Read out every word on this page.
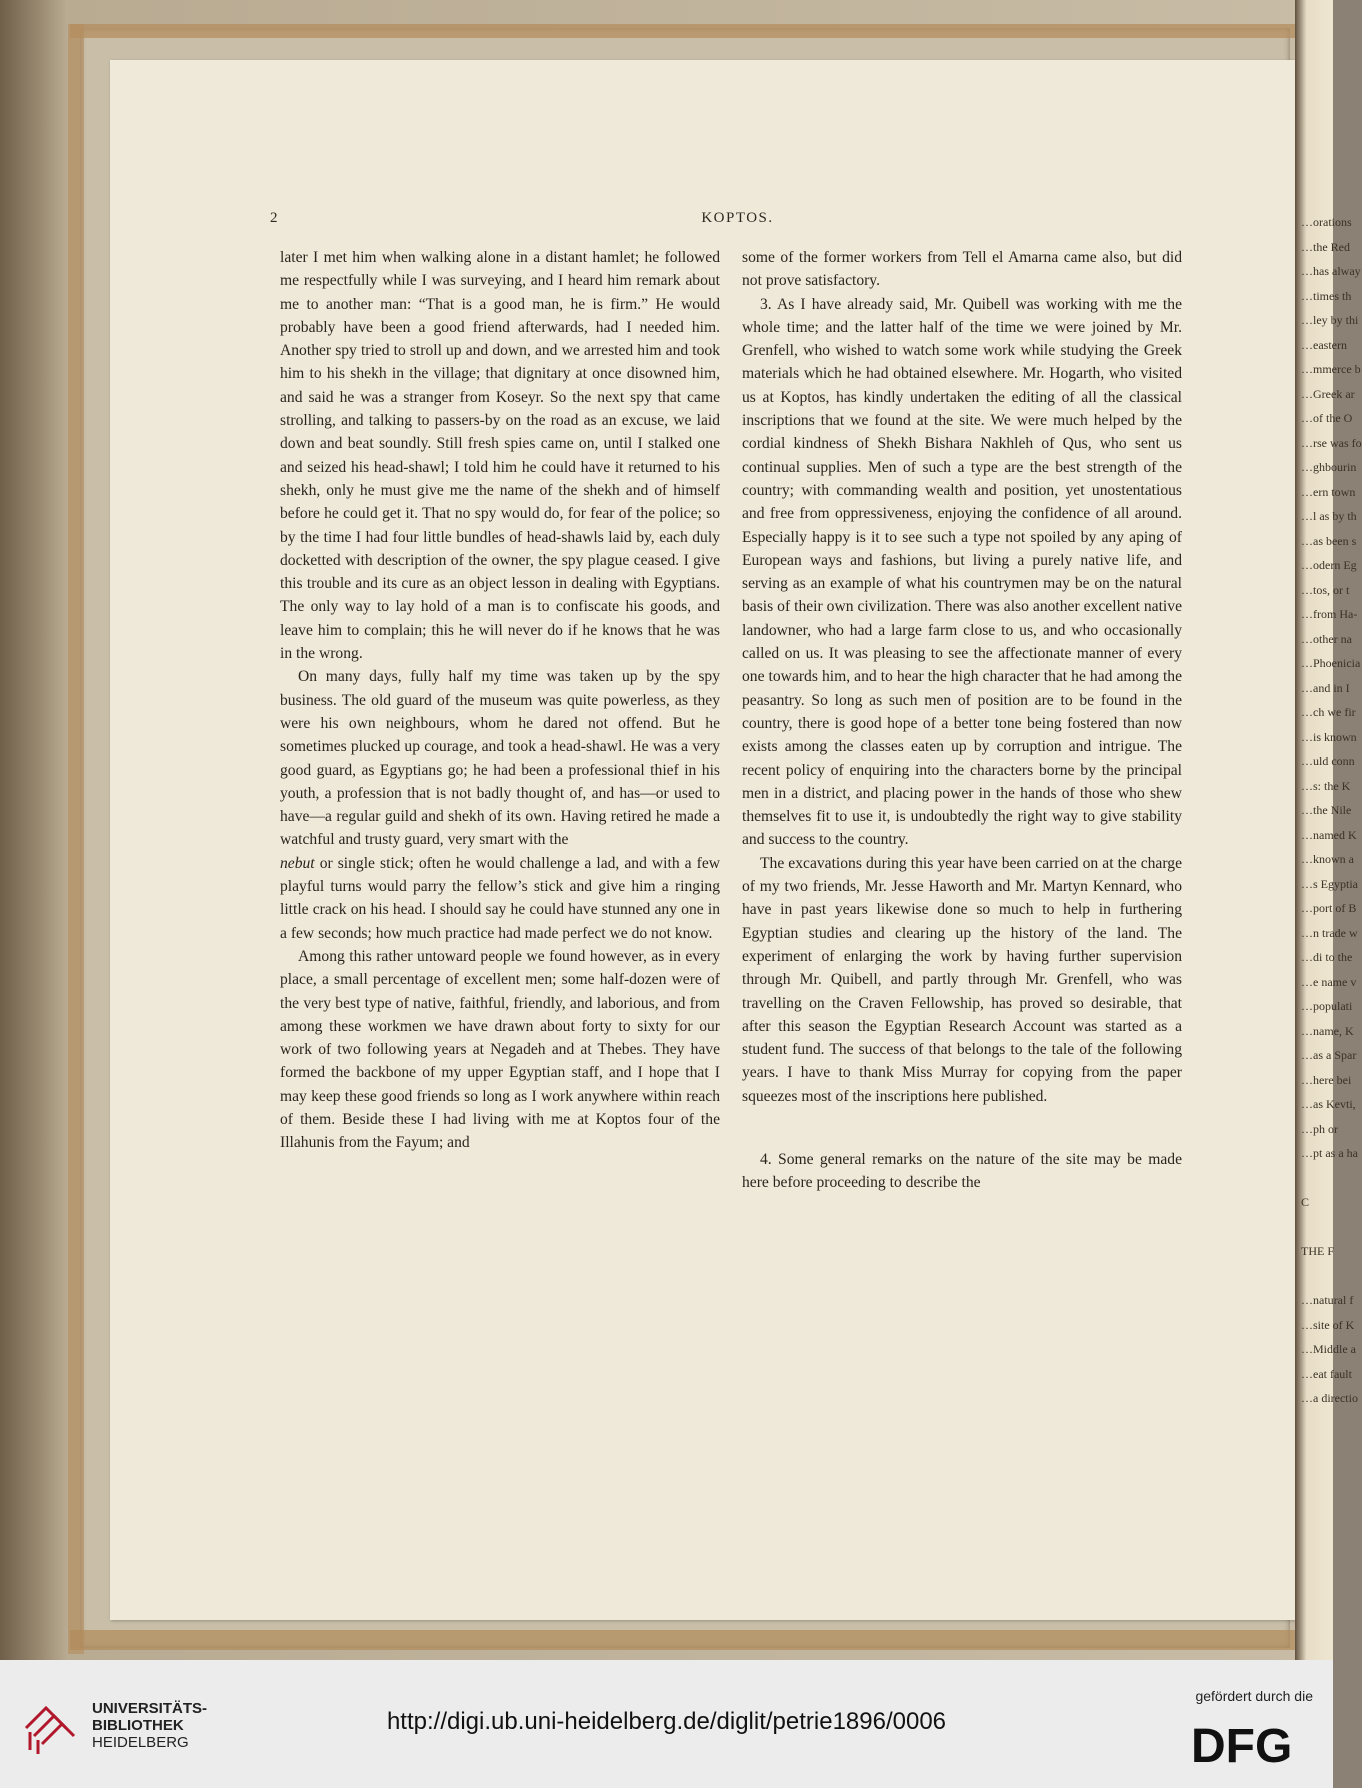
…orations
…the Red
…has alway
…times th
…ley by thi
…eastern
…mmerce b
…Greek ar
…of the O
…rse was fo
…ghbourin
…ern town
…l as by th
…as been s
…odern Eg
…tos, or t
…from Ha-
…other na
…Phoenicia
…and in I
…ch we fir
…is known
…uld conn
…s: the K
…the Nile
…named K
…known a
…s Egyptia
…port of B
…n trade w
…di to the
…e name v
…populati
…name, K
…as a Spar
…here bei
…as Kevti,
…ph or
…pt as a ha

C

THE F

…natural f
…site of K
…Middle a
…eat fault
…a directio
2	KOPTOS.

later I met him when walking alone in a distant hamlet; he followed me respectfully while I was surveying, and I heard him remark about me to another man: “That is a good man, he is firm.” He would probably have been a good friend afterwards, had I needed him. Another spy tried to stroll up and down, and we arrested him and took him to his shekh in the village; that dignitary at once disowned him, and said he was a stranger from Koseyr. So the next spy that came strolling, and talking to passers-by on the road as an excuse, we laid down and beat soundly. Still fresh spies came on, until I stalked one and seized his head-shawl; I told him he could have it returned to his shekh, only he must give me the name of the shekh and of himself before he could get it. That no spy would do, for fear of the police; so by the time I had four little bundles of head-shawls laid by, each duly docketted with description of the owner, the spy plague ceased. I give this trouble and its cure as an object lesson in dealing with Egyptians. The only way to lay hold of a man is to confiscate his goods, and leave him to complain; this he will never do if he knows that he was in the wrong.

On many days, fully half my time was taken up by the spy business. The old guard of the museum was quite powerless, as they were his own neighbours, whom he dared not offend. But he sometimes plucked up courage, and took a head-shawl. He was a very good guard, as Egyptians go; he had been a professional thief in his youth, a profession that is not badly thought of, and has—or used to have—a regular guild and shekh of its own. Having retired he made a watchful and trusty guard, very smart with the

nebut or single stick; often he would challenge a lad, and with a few playful turns would parry the fellow’s stick and give him a ringing little crack on his head. I should say he could have stunned any one in a few seconds; how much practice had made perfect we do not know.

Among this rather untoward people we found however, as in every place, a small percentage of excellent men; some half-dozen were of the very best type of native, faithful, friendly, and laborious, and from among these workmen we have drawn about forty to sixty for our work of two following years at Negadeh and at Thebes. They have formed the backbone of my upper Egyptian staff, and I hope that I may keep these good friends so long as I work anywhere within reach of them. Beside these I had living with me at Koptos four of the Illahunis from the Fayum; and

some of the former workers from Tell el Amarna came also, but did not prove satisfactory.

3. As I have already said, Mr. Quibell was working with me the whole time; and the latter half of the time we were joined by Mr. Grenfell, who wished to watch some work while studying the Greek materials which he had obtained elsewhere. Mr. Hogarth, who visited us at Koptos, has kindly undertaken the editing of all the classical inscriptions that we found at the site. We were much helped by the cordial kindness of Shekh Bishara Nakhleh of Qus, who sent us continual supplies. Men of such a type are the best strength of the country; with commanding wealth and position, yet unostentatious and free from oppressiveness, enjoying the confidence of all around. Especially happy is it to see such a type not spoiled by any aping of European ways and fashions, but living a purely native life, and serving as an example of what his countrymen may be on the natural basis of their own civilization. There was also another excellent native landowner, who had a large farm close to us, and who occasionally called on us. It was pleasing to see the affectionate manner of every one towards him, and to hear the high character that he had among the peasantry. So long as such men of position are to be found in the country, there is good hope of a better tone being fostered than now exists among the classes eaten up by corruption and intrigue. The recent policy of enquiring into the characters borne by the principal men in a district, and placing power in the hands of those who shew themselves fit to use it, is undoubtedly the right way to give stability and success to the country.

The excavations during this year have been carried on at the charge of my two friends, Mr. Jesse Haworth and Mr. Martyn Kennard, who have in past years likewise done so much to help in furthering Egyptian studies and clearing up the history of the land. The experiment of enlarging the work by having further supervision through Mr. Quibell, and partly through Mr. Grenfell, who was travelling on the Craven Fellowship, has proved so desirable, that after this season the Egyptian Research Account was started as a student fund. The success of that belongs to the tale of the following years. I have to thank Miss Murray for copying from the paper squeezes most of the inscriptions here published.

4. Some general remarks on the nature of the site may be made here before proceeding to describe the

UNIVERSITÄTS-
BIBLIOTHEK
HEIDELBERG
http://digi.ub.uni-heidelberg.de/diglit/petrie1896/0006
gefördert durch die
DFG
